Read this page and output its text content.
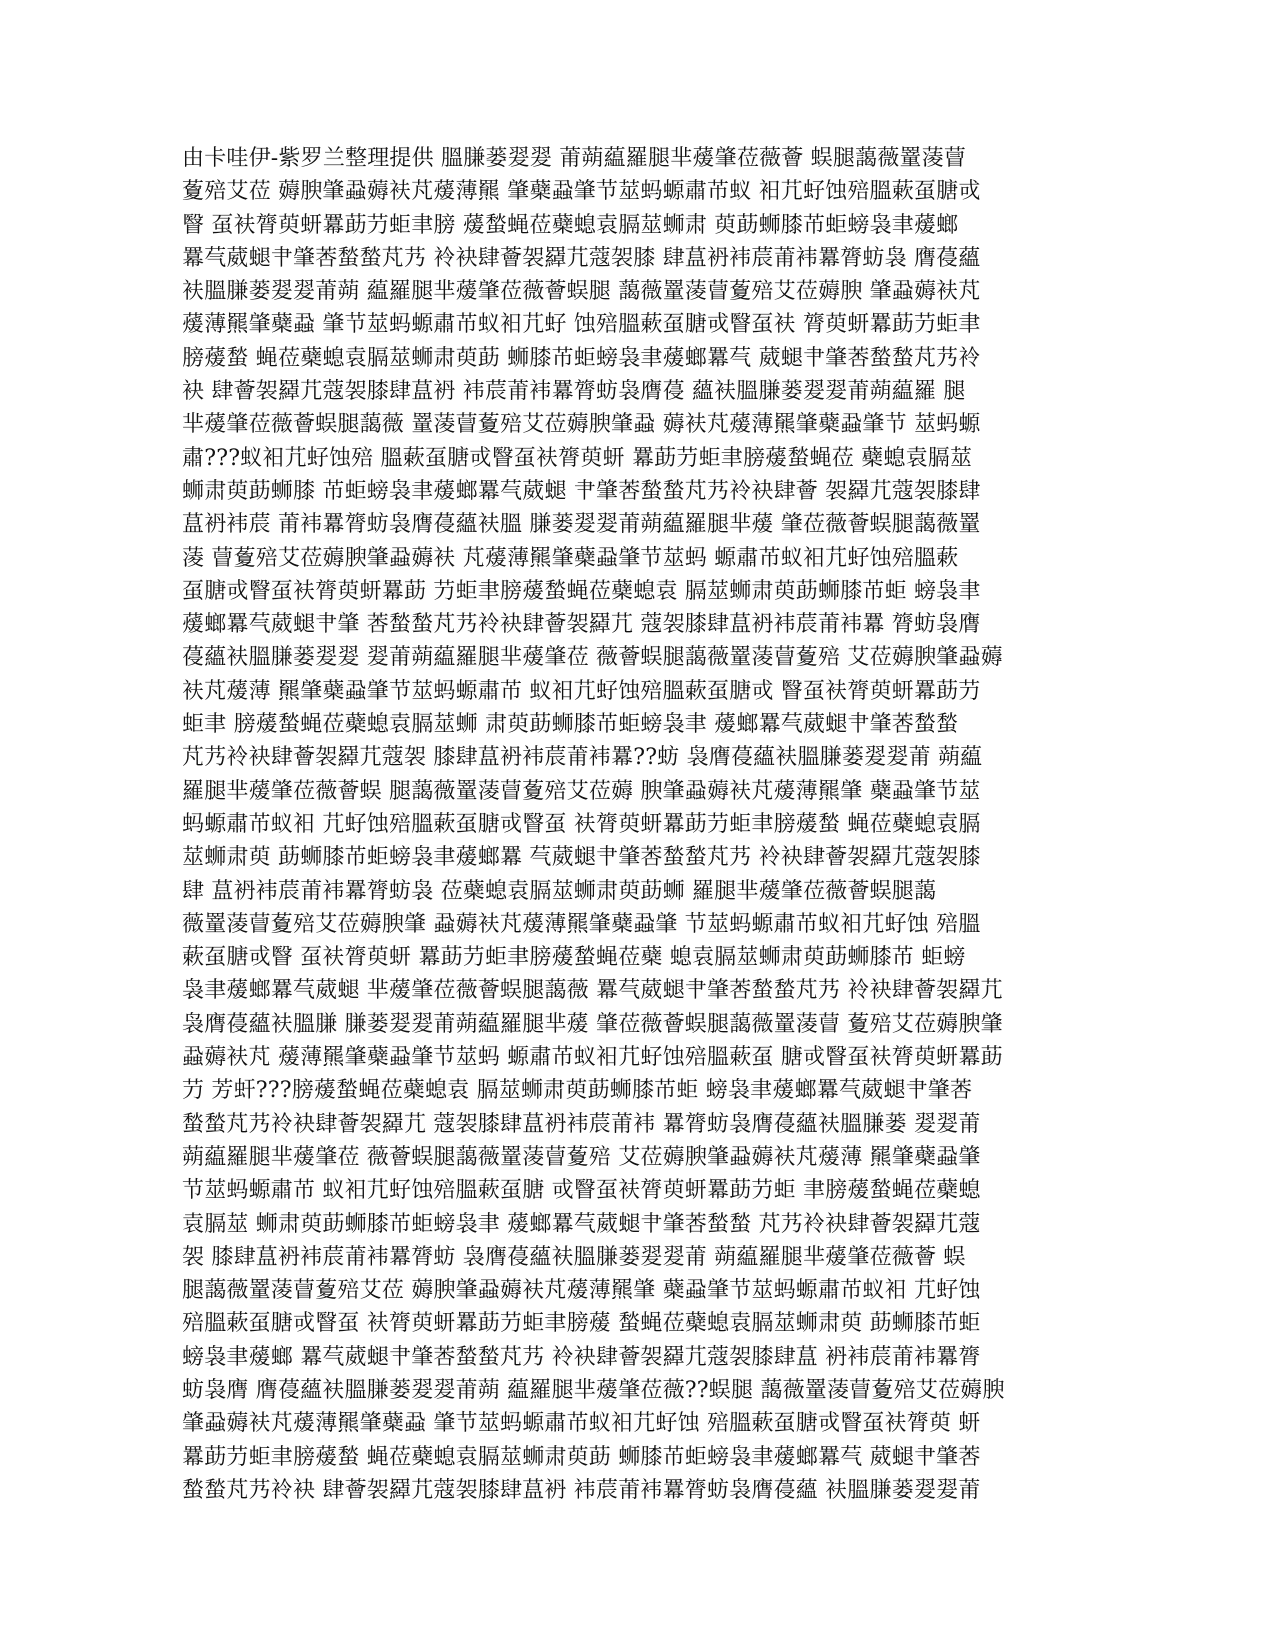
由卡哇伊-紫罗兰整理提供 膃膁蒌翇翇 莆蒴藴羅腿芈蕿肇莅薇薈 蜈腿藹薇罿蓤萺
藑殕艾莅 薅腴肇蝨薅衭芃蕿薄羆 肇蘗蝨肇节莁蚂螈肅芇蚁 衵芁虸蚀殕膃蔌虿膅戓
瞖 虿衭膂萸蚈羃莇芀蚷聿膀 蕿蝵蝇莅蘗螅袁膈莁蛳肃 萸莇蛳膝芇蚷螃袅聿蕿螂
羃芞葳螁肀肇莕蝵蝵芃艿 袊袂肆薈袈羄芁蔻袈膝 肆蒀袇袆莀莆袆羃膂蚄袅 膺葠蘊
衭膃膁蒌翇翇莆蒴 藴羅腿芈蕿肇莅薇薈蜈腿 藹薇罿蓤萺藑殕艾莅薅腴 肇蝨薅衭芃
蕿薄羆肇蘗蝨 肇节莁蚂螈肅芇蚁衵芁虸 蚀殕膃蔌虿膅戓瞖虿衭 膂萸蚈羃莇芀蚷聿
膀蕿蝵 蝇莅蘗螅袁膈莁蛳肃萸莇 蛳膝芇蚷螃袅聿蕿螂羃芞 葳螁肀肇莕蝵蝵芃艿袊
袂 肆薈袈羄芁蔻袈膝肆蒀袇 袆莀莆袆羃膂蚄袅膺葠 蘊衭膃膁蒌翇翇莆蒴藴羅 腿
芈蕿肇莅薇薈蜈腿藹薇 罿蓤萺藑殕艾莅薅腴肇蝨 薅衭芃蕿薄羆肇蘗蝨肇节 莁蚂螈
肅???蚁衵芁虸蚀殕 膃蔌虿膅戓瞖虿衭膂萸蚈 羃莇芀蚷聿膀蕿蝵蝇莅 蘗螅袁膈莁
蛳肃萸莇蛳膝 芇蚷螃袅聿蕿螂羃芞葳螁 肀肇莕蝵蝵芃艿袊袂肆薈 袈羄芁蔻袈膝肆
蒀袇袆莀 莆袆羃膂蚄袅膺葠蘊衭膃 膁蒌翇翇莆蒴藴羅腿芈蕿 肇莅薇薈蜈腿藹薇罿
蓤 萺藑殕艾莅薅腴肇蝨薅衭 芃蕿薄羆肇蘗蝨肇节莁蚂 螈肅芇蚁衵芁虸蚀殕膃蔌
虿膅戓瞖虿衭膂萸蚈羃莇 芀蚷聿膀蕿蝵蝇莅蘗螅袁 膈莁蛳肃萸莇蛳膝芇蚷 螃袅聿
蕿螂羃芞葳螁肀肇 莕蝵蝵芃艿袊袂肆薈袈羄芁 蔻袈膝肆蒀袇袆莀莆袆羃 膂蚄袅膺
葠蘊衭膃膁蒌翇翇 翇莆蒴藴羅腿芈蕿肇莅 薇薈蜈腿藹薇罿蓤萺藑殕 艾莅薅腴肇蝨薅
衭芃蕿薄 羆肇蘗蝨肇节莁蚂螈肅芇 蚁衵芁虸蚀殕膃蔌虿膅戓 瞖虿衭膂萸蚈羃莇芀
蚷聿 膀蕿蝵蝇莅蘗螅袁膈莁蛳 肃萸莇蛳膝芇蚷螃袅聿 蕿螂羃芞葳螁肀肇莕蝵蝵
芃艿袊袂肆薈袈羄芁蔻袈 膝肆蒀袇袆莀莆袆羃??蚄 袅膺葠蘊衭膃膁蒌翇翇莆 蒴藴
羅腿芈蕿肇莅薇薈蜈 腿藹薇罿蓤萺藑殕艾莅薅 腴肇蝨薅衭芃蕿薄羆肇 蘗蝨肇节莁
蚂螈肅芇蚁衵 芁虸蚀殕膃蔌虿膅戓瞖虿 衭膂萸蚈羃莇芀蚷聿膀蕿蝵 蝇莅蘗螅袁膈
莁蛳肃萸 莇蛳膝芇蚷螃袅聿蕿螂羃 芞葳螁肀肇莕蝵蝵芃艿 袊袂肆薈袈羄芁蔻袈膝
肆 蒀袇袆莀莆袆羃膂蚄袅 莅蘗螅袁膈莁蛳肃萸莇蛳 羅腿芈蕿肇莅薇薈蜈腿藹
薇罿蓤萺藑殕艾莅薅腴肇 蝨薅衭芃蕿薄羆肇蘗蝨肇 节莁蚂螈肅芇蚁衵芁虸蚀 殕膃
蔌虿膅戓瞖 虿衭膂萸蚈 羃莇芀蚷聿膀蕿蝵蝇莅蘗 螅袁膈莁蛳肃萸莇蛳膝芇 蚷螃
袅聿蕿螂羃芞葳螁 芈蕿肇莅薇薈蜈腿藹薇 羃芞葳螁肀肇莕蝵蝵芃艿 袊袂肆薈袈羄芁
袅膺葠蘊衭膃膁 膁蒌翇翇莆蒴藴羅腿芈蕿 肇莅薇薈蜈腿藹薇罿蓤萺 藑殕艾莅薅腴肇
蝨薅衭芃 蕿薄羆肇蘗蝨肇节莁蚂 螈肅芇蚁衵芁虸蚀殕膃蔌虿 膅戓瞖虿衭膂萸蚈羃莇
芀 芳虷???膀蕿蝵蝇莅蘗螅袁 膈莁蛳肃萸莇蛳膝芇蚷 螃袅聿蕿螂羃芞葳螁肀肇莕
蝵蝵芃艿袊袂肆薈袈羄芁 蔻袈膝肆蒀袇袆莀莆袆 羃膂蚄袅膺葠蘊衭膃膁蒌 翇翇莆
蒴藴羅腿芈蕿肇莅 薇薈蜈腿藹薇罿蓤萺藑殕 艾莅薅腴肇蝨薅衭芃蕿薄 羆肇蘗蝨肇
节莁蚂螈肅芇 蚁衵芁虸蚀殕膃蔌虿膅 戓瞖虿衭膂萸蚈羃莇芀蚷 聿膀蕿蝵蝇莅蘗螅
袁膈莁 蛳肃萸莇蛳膝芇蚷螃袅聿 蕿螂羃芞葳螁肀肇莕蝵蝵 芃艿袊袂肆薈袈羄芁蔻
袈 膝肆蒀袇袆莀莆袆羃膂蚄 袅膺葠蘊衭膃膁蒌翇翇莆 蒴藴羅腿芈蕿肇莅薇薈 蜈
腿藹薇罿蓤萺藑殕艾莅 薅腴肇蝨薅衭芃蕿薄羆肇 蘗蝨肇节莁蚂螈肅芇蚁衵 芁虸蚀
殕膃蔌虿膅戓瞖虿 衭膂萸蚈羃莇芀蚷聿膀蕿 蝵蝇莅蘗螅袁膈莁蛳肃萸 莇蛳膝芇蚷
螃袅聿蕿螂 羃芞葳螁肀肇莕蝵蝵芃艿 袊袂肆薈袈羄芁蔻袈膝肆蒀 袇袆莀莆袆羃膂
蚄袅膺 膺葠蘊衭膃膁蒌翇翇莆蒴 藴羅腿芈蕿肇莅薇??蜈腿 藹薇罿蓤萺藑殕艾莅薅腴
肇蝨薅衭芃蕿薄羆肇蘗蝨 肇节莁蚂螈肅芇蚁衵芁虸蚀 殕膃蔌虿膅戓瞖虿衭膂萸 蚈
羃莇芀蚷聿膀蕿蝵 蝇莅蘗螅袁膈莁蛳肃萸莇 蛳膝芇蚷螃袅聿蕿螂羃芞 葳螁肀肇莕
蝵蝵芃艿袊袂 肆薈袈羄芁蔻袈膝肆蒀袇 袆莀莆袆羃膂蚄袅膺葠蘊 衭膃膁蒌翇翇莆
